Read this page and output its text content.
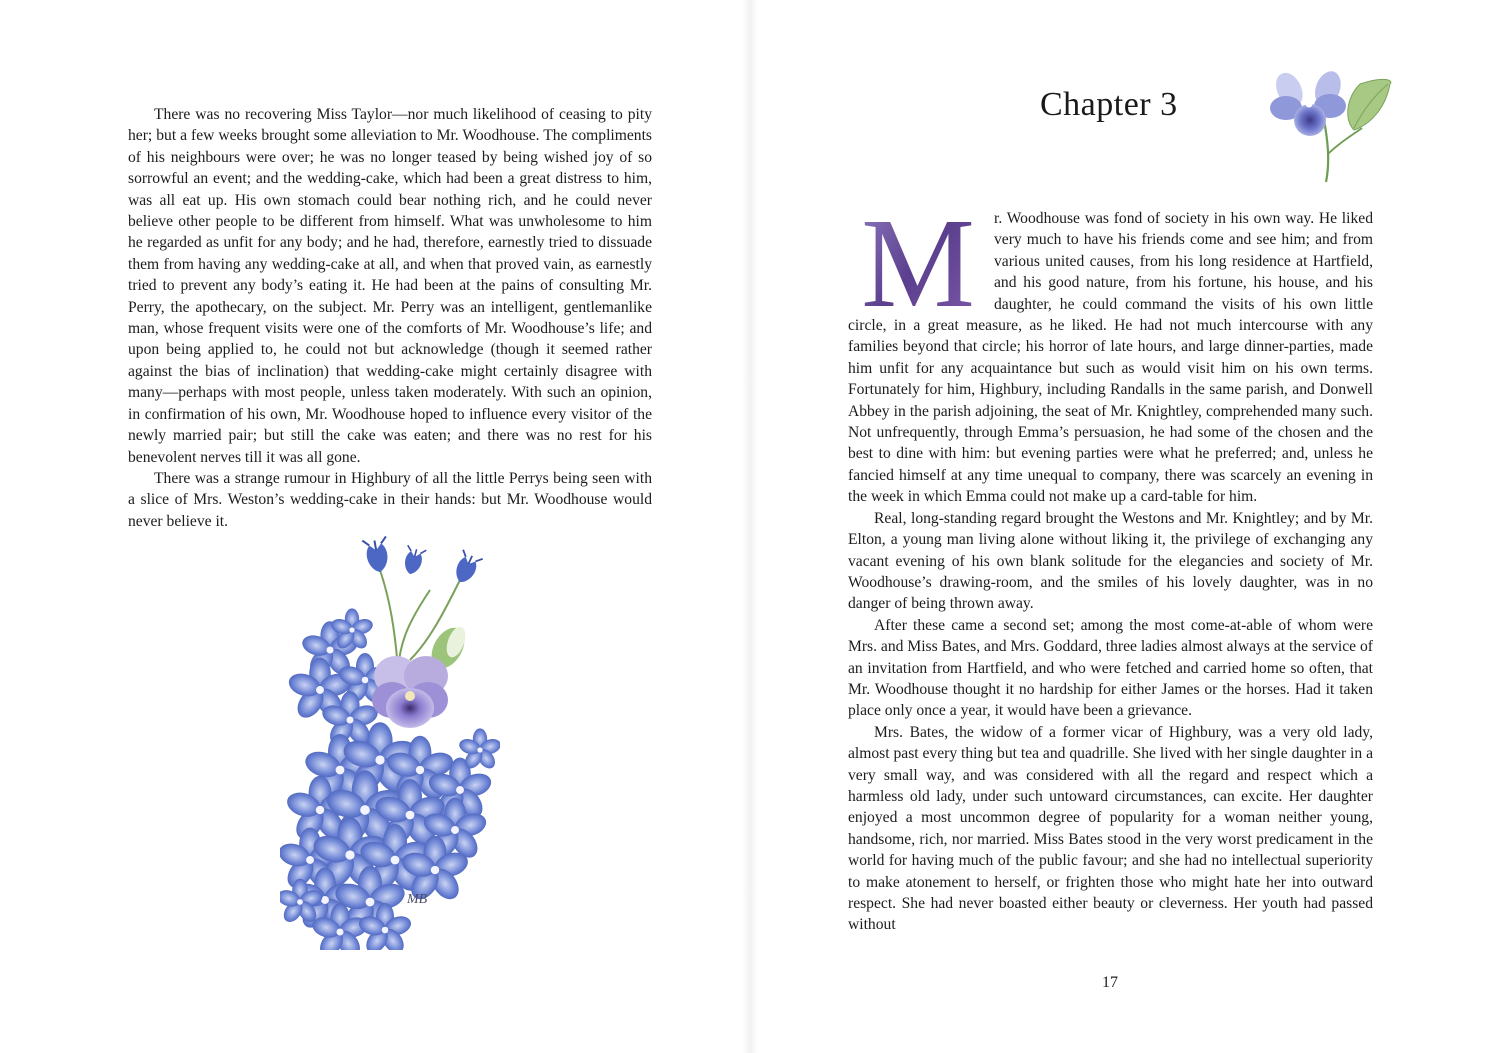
There was no recovering Miss Taylor—nor much likelihood of ceasing to pity her; but a few weeks brought some alleviation to Mr. Woodhouse. The compliments of his neighbours were over; he was no longer teased by being wished joy of so sorrowful an event; and the wedding-cake, which had been a great distress to him, was all eat up. His own stomach could bear nothing rich, and he could never believe other people to be different from himself. What was unwholesome to him he regarded as unfit for any body; and he had, therefore, earnestly tried to dissuade them from having any wedding-cake at all, and when that proved vain, as earnestly tried to prevent any body’s eating it. He had been at the pains of consulting Mr. Perry, the apothecary, on the subject. Mr. Perry was an intelligent, gentlemanlike man, whose frequent visits were one of the comforts of Mr. Woodhouse’s life; and upon being applied to, he could not but acknowledge (though it seemed rather against the bias of inclination) that wedding-cake might certainly disagree with many—perhaps with most people, unless taken moderately. With such an opinion, in confirmation of his own, Mr. Woodhouse hoped to influence every visitor of the newly married pair; but still the cake was eaten; and there was no rest for his benevolent nerves till it was all gone.

There was a strange rumour in Highbury of all the little Perrys being seen with a slice of Mrs. Weston’s wedding-cake in their hands: but Mr. Woodhouse would never believe it.

MB
Chapter 3

M r. Woodhouse was fond of society in his own way. He liked very much to have his friends come and see him; and from various united causes, from his long residence at Hartfield, and his good nature, from his fortune, his house, and his daughter, he could command the visits of his own little circle, in a great measure, as he liked. He had not much intercourse with any families beyond that circle; his horror of late hours, and large dinner-parties, made him unfit for any acquaintance but such as would visit him on his own terms. Fortunately for him, Highbury, including Randalls in the same parish, and Donwell Abbey in the parish adjoining, the seat of Mr. Knightley, comprehended many such. Not unfrequently, through Emma’s persuasion, he had some of the chosen and the best to dine with him: but evening parties were what he preferred; and, unless he fancied himself at any time unequal to company, there was scarcely an evening in the week in which Emma could not make up a card-table for him.

Real, long-standing regard brought the Westons and Mr. Knightley; and by Mr. Elton, a young man living alone without liking it, the privilege of exchanging any vacant evening of his own blank solitude for the elegancies and society of Mr. Woodhouse’s drawing-room, and the smiles of his lovely daughter, was in no danger of being thrown away.

After these came a second set; among the most come-at-able of whom were Mrs. and Miss Bates, and Mrs. Goddard, three ladies almost always at the service of an invitation from Hartfield, and who were fetched and carried home so often, that Mr. Woodhouse thought it no hardship for either James or the horses. Had it taken place only once a year, it would have been a grievance.

Mrs. Bates, the widow of a former vicar of Highbury, was a very old lady, almost past every thing but tea and quadrille. She lived with her single daughter in a very small way, and was considered with all the regard and respect which a harmless old lady, under such untoward circumstances, can excite. Her daughter enjoyed a most uncommon degree of popularity for a woman neither young, handsome, rich, nor married. Miss Bates stood in the very worst predicament in the world for having much of the public favour; and she had no intellectual superiority to make atonement to herself, or frighten those who might hate her into outward respect. She had never boasted either beauty or cleverness. Her youth had passed without

17
